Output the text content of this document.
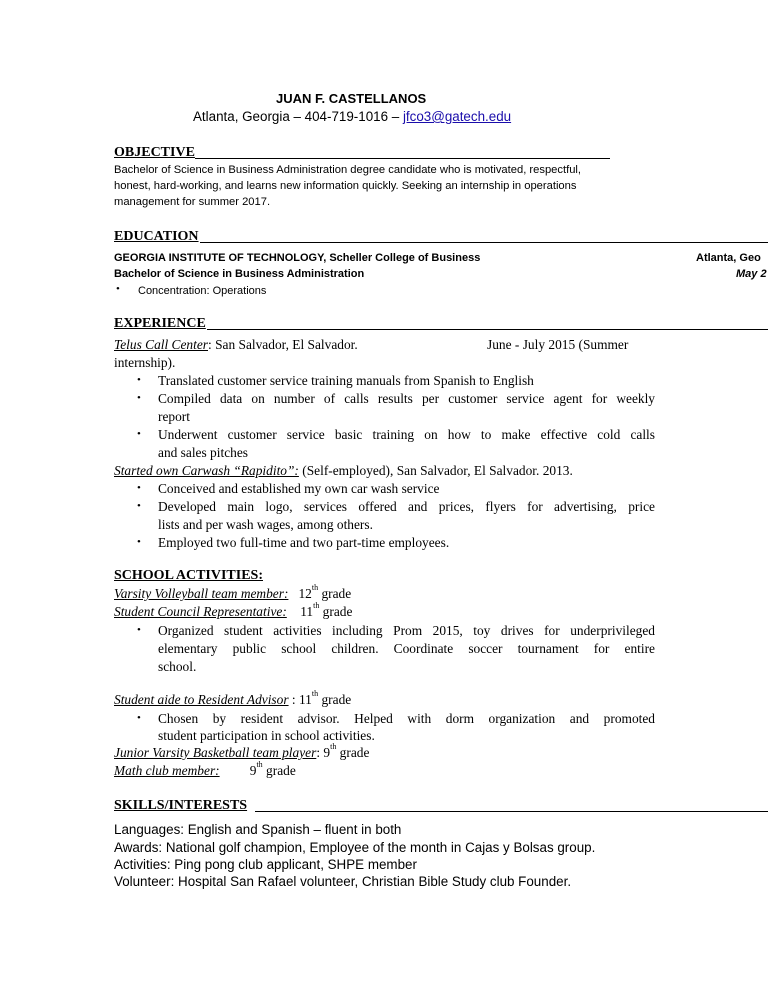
JUAN F. CASTELLANOS
Atlanta, Georgia – 404-719-1016 – jfco3@gatech.edu
OBJECTIVE
Bachelor of Science in Business Administration degree candidate who is motivated, respectful,
honest, hard-working, and learns new information quickly. Seeking an internship in operations
management for summer 2017.
EDUCATION
GEORGIA INSTITUTE OF TECHNOLOGY, Scheller College of Business	Atlanta, Geo
Bachelor of Science in Business Administration	May 2
• Concentration: Operations
EXPERIENCE
Telus Call Center: San Salvador, El Salvador.	June - July 2015 (Summer
internship).
• Translated customer service training manuals from Spanish to English
• Compiled data on number of calls results per customer service agent for weekly
report
• Underwent customer service basic training on how to make effective cold calls
and sales pitches
Started own Carwash “Rapidito”: (Self-employed), San Salvador, El Salvador. 2013.
• Conceived and established my own car wash service
• Developed main logo, services offered and prices, flyers for advertising, price
lists and per wash wages, among others.
• Employed two full-time and two part-time employees.
SCHOOL ACTIVITIES:
Varsity Volleyball team member: 12th grade
Student Council Representative: 11th grade
• Organized student activities including Prom 2015, toy drives for underprivileged
elementary public school children. Coordinate soccer tournament for entire
school.
Student aide to Resident Advisor : 11th grade
• Chosen by resident advisor. Helped with dorm organization and promoted
student participation in school activities.
Junior Varsity Basketball team player: 9th grade
Math club member: 9th grade
SKILLS/INTERESTS
Languages: English and Spanish – fluent in both
Awards: National golf champion, Employee of the month in Cajas y Bolsas group.
Activities: Ping pong club applicant, SHPE member
Volunteer: Hospital San Rafael volunteer, Christian Bible Study club Founder.
